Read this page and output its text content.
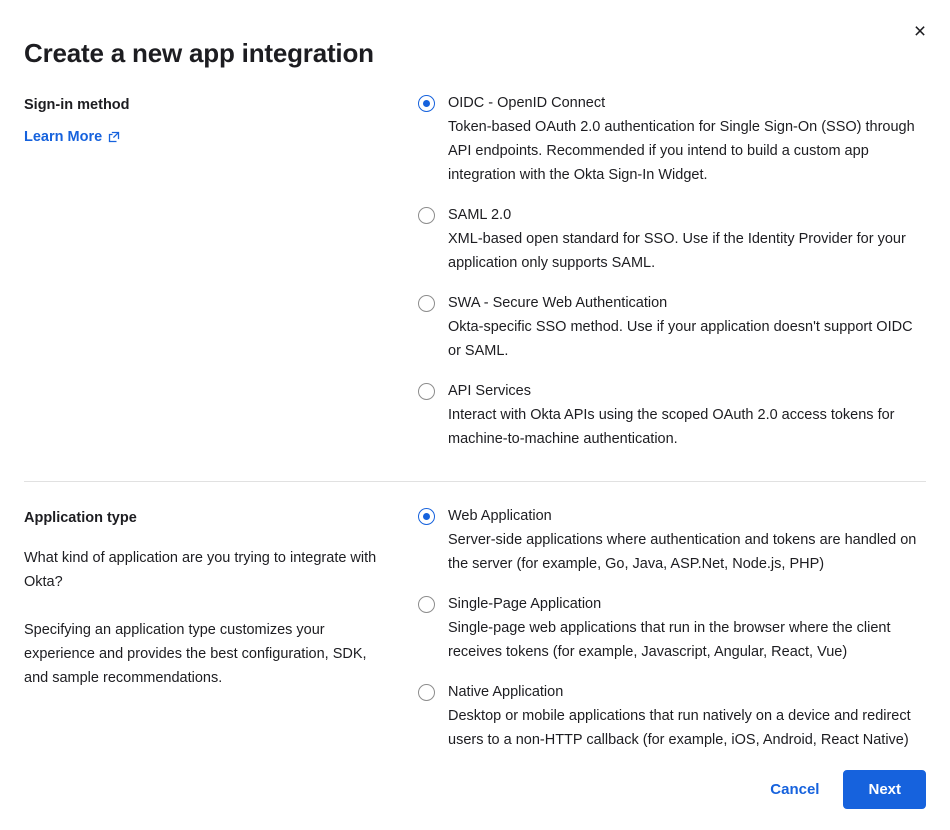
×
Create a new app integration
Sign-in method
Learn More
OIDC - OpenID Connect
Token-based OAuth 2.0 authentication for Single Sign-On (SSO) through API endpoints. Recommended if you intend to build a custom app integration with the Okta Sign-In Widget.
SAML 2.0
XML-based open standard for SSO. Use if the Identity Provider for your application only supports SAML.
SWA - Secure Web Authentication
Okta-specific SSO method. Use if your application doesn't support OIDC or SAML.
API Services
Interact with Okta APIs using the scoped OAuth 2.0 access tokens for machine-to-machine authentication.
Application type
What kind of application are you trying to integrate with Okta?
Specifying an application type customizes your experience and provides the best configuration, SDK, and sample recommendations.
Web Application
Server-side applications where authentication and tokens are handled on the server (for example, Go, Java, ASP.Net, Node.js, PHP)
Single-Page Application
Single-page web applications that run in the browser where the client receives tokens (for example, Javascript, Angular, React, Vue)
Native Application
Desktop or mobile applications that run natively on a device and redirect users to a non-HTTP callback (for example, iOS, Android, React Native)
Cancel	Next
